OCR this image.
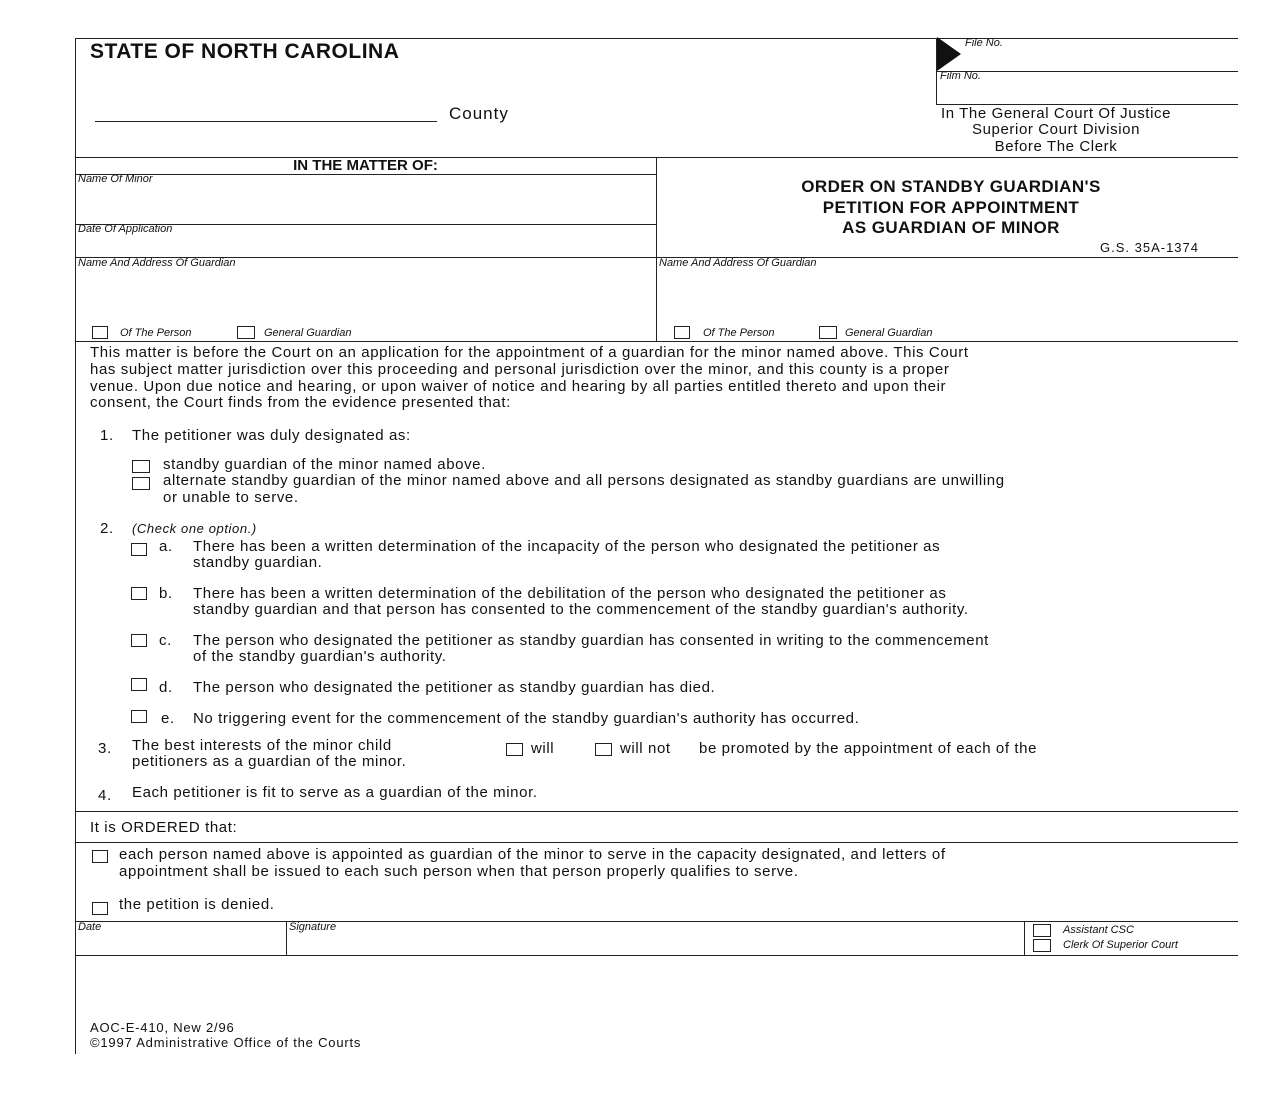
STATE OF NORTH CAROLINA
County
File No.
Film No.
In The General Court Of Justice
Superior Court Division
Before The Clerk
IN THE MATTER OF:
Name Of Minor
Date Of Application
ORDER ON STANDBY GUARDIAN'S
PETITION FOR APPOINTMENT
AS GUARDIAN OF MINOR
G.S. 35A-1374
Name And Address Of Guardian	Name And Address Of Guardian
Of The Person	General Guardian	Of The Person	General Guardian
This matter is before the Court on an application for the appointment of a guardian for the minor named above. This Court
has subject matter jurisdiction over this proceeding and personal jurisdiction over the minor, and this county is a proper
venue. Upon due notice and hearing, or upon waiver of notice and hearing by all parties entitled thereto and upon their
consent, the Court finds from the evidence presented that:
1. The petitioner was duly designated as:
standby guardian of the minor named above.
alternate standby guardian of the minor named above and all persons designated as standby guardians are unwilling
or unable to serve.
2. (Check one option.)
a. There has been a written determination of the incapacity of the person who designated the petitioner as
standby guardian.
b. There has been a written determination of the debilitation of the person who designated the petitioner as
standby guardian and that person has consented to the commencement of the standby guardian's authority.
c. The person who designated the petitioner as standby guardian has consented in writing to the commencement
of the standby guardian's authority.
d. The person who designated the petitioner as standby guardian has died.
e. No triggering event for the commencement of the standby guardian's authority has occurred.
3. The best interests of the minor child	will	will not be promoted by the appointment of each of the
petitioners as a guardian of the minor.
4. Each petitioner is fit to serve as a guardian of the minor.
It is ORDERED that:
each person named above is appointed as guardian of the minor to serve in the capacity designated, and letters of
appointment shall be issued to each such person when that person properly qualifies to serve.
the petition is denied.
Date	Signature	Assistant CSC
Clerk Of Superior Court
AOC-E-410, New 2/96
©1997 Administrative Office of the Courts
